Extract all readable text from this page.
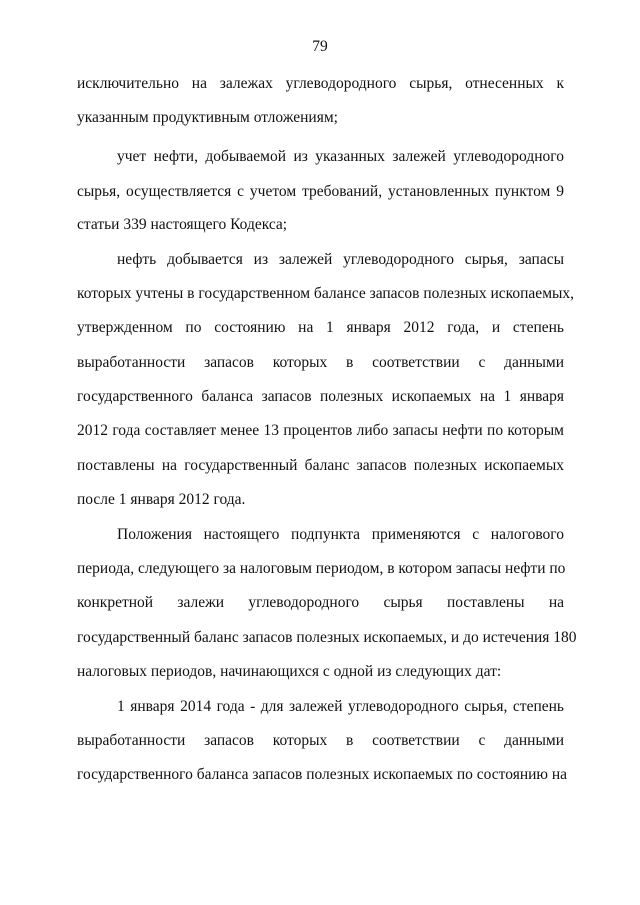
79
исключительно на залежах углеводородного сырья, отнесенных к
указанным продуктивным отложениям;
учет нефти, добываемой из указанных залежей углеводородного
сырья, осуществляется с учетом требований, установленных пунктом 9
статьи 339 настоящего Кодекса;
нефть добывается из залежей углеводородного сырья, запасы
которых учтены в государственном балансе запасов полезных ископаемых,
утвержденном по состоянию на 1 января 2012 года, и степень
выработанности запасов которых в соответствии с данными
государственного баланса запасов полезных ископаемых на 1 января
2012 года составляет менее 13 процентов либо запасы нефти по которым
поставлены на государственный баланс запасов полезных ископаемых
после 1 января 2012 года.
Положения настоящего подпункта применяются с налогового
периода, следующего за налоговым периодом, в котором запасы нефти по
конкретной залежи углеводородного сырья поставлены на
государственный баланс запасов полезных ископаемых, и до истечения 180
налоговых периодов, начинающихся с одной из следующих дат:
1 января 2014 года - для залежей углеводородного сырья, степень
выработанности запасов которых в соответствии с данными
государственного баланса запасов полезных ископаемых по состоянию на
